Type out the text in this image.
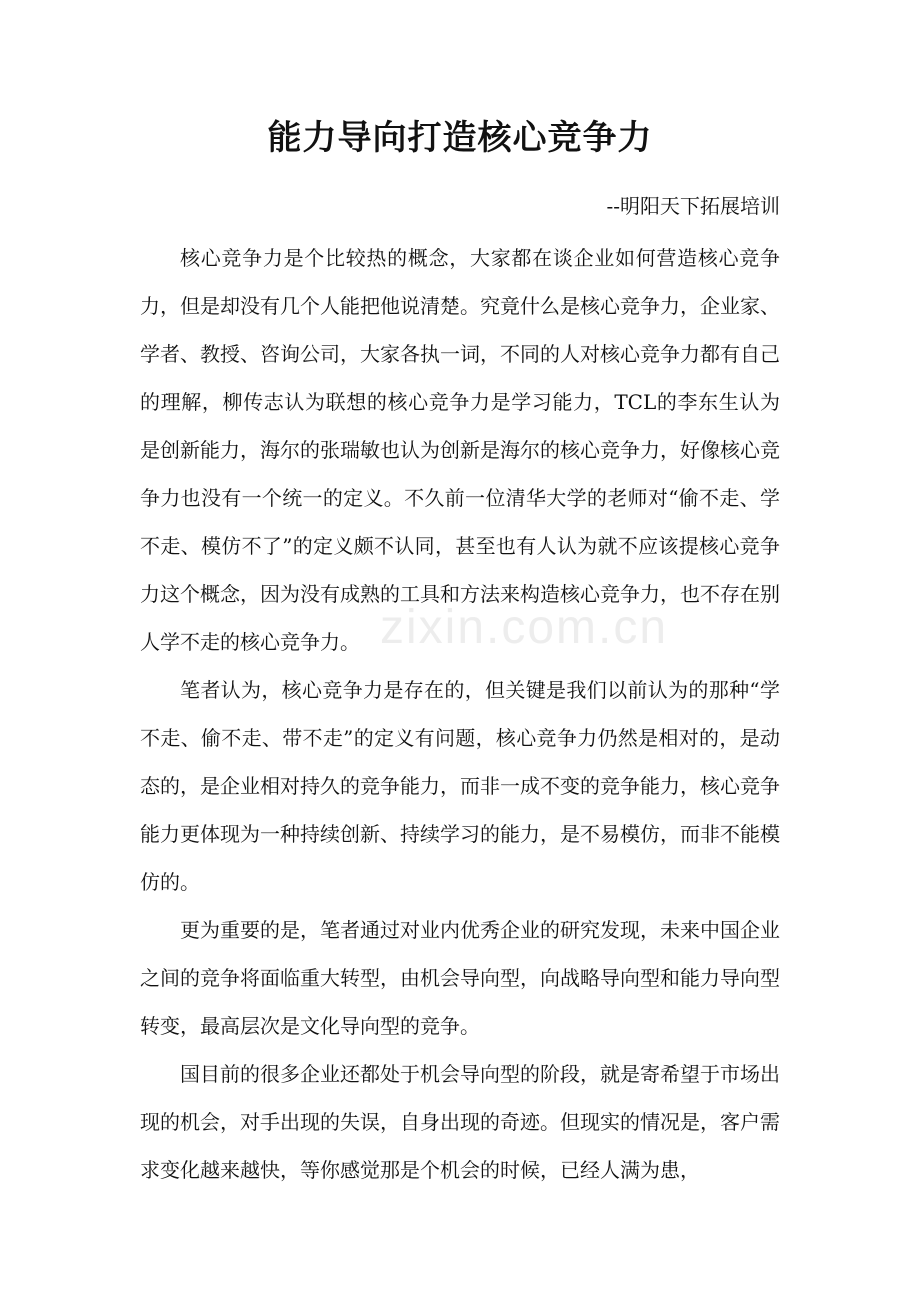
能力导向打造核心竞争力

--明阳天下拓展培训

核心竞争力是个比较热的概念，大家都在谈企业如何营造核心竞争力，但是却没有几个人能把他说清楚。究竟什么是核心竞争力，企业家、学者、教授、咨询公司，大家各执一词，不同的人对核心竞争力都有自己的理解，柳传志认为联想的核心竞争力是学习能力，TCL的李东生认为是创新能力，海尔的张瑞敏也认为创新是海尔的核心竞争力，好像核心竞争力也没有一个统一的定义。不久前一位清华大学的老师对“偷不走、学不走、模仿不了”的定义颇不认同，甚至也有人认为就不应该提核心竞争力这个概念，因为没有成熟的工具和方法来构造核心竞争力，也不存在别人学不走的核心竞争力。

笔者认为，核心竞争力是存在的，但关键是我们以前认为的那种“学不走、偷不走、带不走”的定义有问题，核心竞争力仍然是相对的，是动态的，是企业相对持久的竞争能力，而非一成不变的竞争能力，核心竞争能力更体现为一种持续创新、持续学习的能力，是不易模仿，而非不能模仿的。

更为重要的是，笔者通过对业内优秀企业的研究发现，未来中国企业之间的竞争将面临重大转型，由机会导向型，向战略导向型和能力导向型转变，最高层次是文化导向型的竞争。

国目前的很多企业还都处于机会导向型的阶段，就是寄希望于市场出现的机会，对手出现的失误，自身出现的奇迹。但现实的情况是，客户需求变化越来越快，等你感觉那是个机会的时候，已经人满为患，

zixin.com.cn
